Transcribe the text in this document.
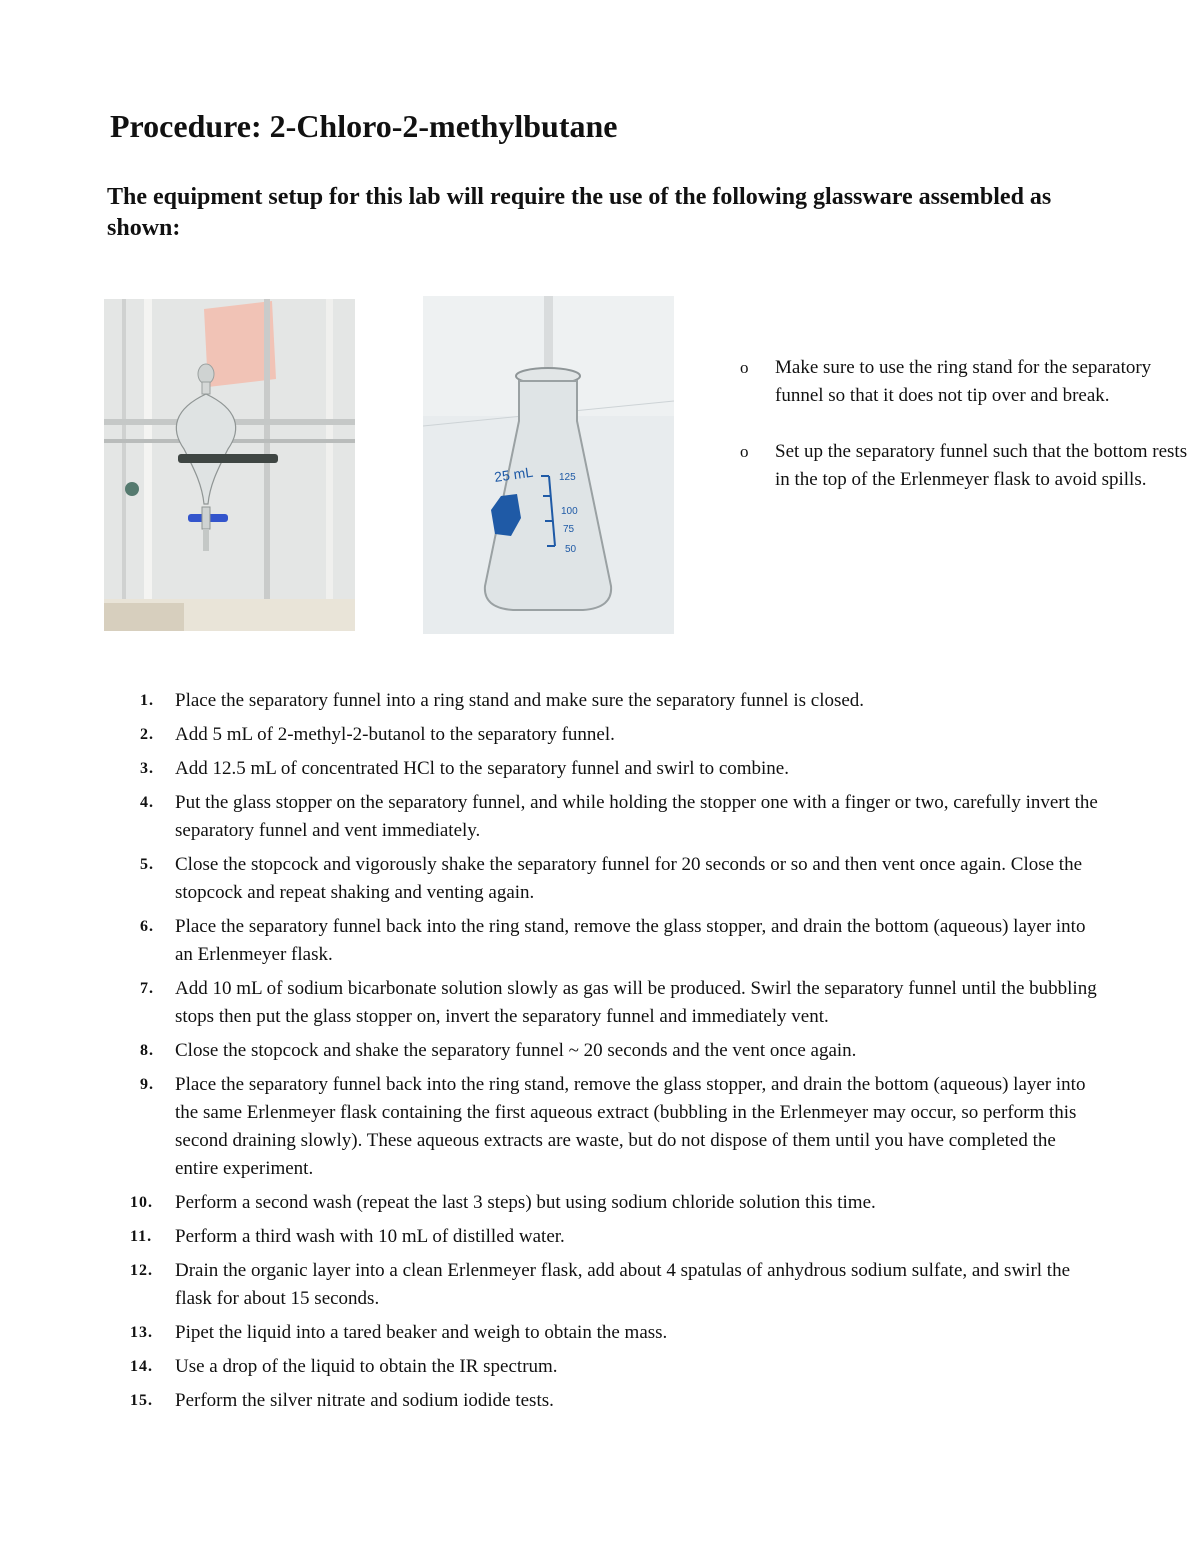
Procedure: 2-Chloro-2-methylbutane

The equipment setup for this lab will require the use of the following glassware assembled as shown:

25 mL	125
100
75
50
o Make sure to use the ring stand for the separatory funnel so that it does not tip over and break.
o Set up the separatory funnel such that the bottom rests in the top of the Erlenmeyer flask to avoid spills.
1. Place the separatory funnel into a ring stand and make sure the separatory funnel is closed.
2. Add 5 mL of 2-methyl-2-butanol to the separatory funnel.
3. Add 12.5 mL of concentrated HCl to the separatory funnel and swirl to combine.
4. Put the glass stopper on the separatory funnel, and while holding the stopper one with a finger or two, carefully invert the separatory funnel and vent immediately.
5. Close the stopcock and vigorously shake the separatory funnel for 20 seconds or so and then vent once again. Close the stopcock and repeat shaking and venting again.
6. Place the separatory funnel back into the ring stand, remove the glass stopper, and drain the bottom (aqueous) layer into an Erlenmeyer flask.
7. Add 10 mL of sodium bicarbonate solution slowly as gas will be produced. Swirl the separatory funnel until the bubbling stops then put the glass stopper on, invert the separatory funnel and immediately vent.
8. Close the stopcock and shake the separatory funnel ~ 20 seconds and the vent once again.
9. Place the separatory funnel back into the ring stand, remove the glass stopper, and drain the bottom (aqueous) layer into the same Erlenmeyer flask containing the first aqueous extract (bubbling in the Erlenmeyer may occur, so perform this second draining slowly). These aqueous extracts are waste, but do not dispose of them until you have completed the entire experiment.
10. Perform a second wash (repeat the last 3 steps) but using sodium chloride solution this time.
11. Perform a third wash with 10 mL of distilled water.
12. Drain the organic layer into a clean Erlenmeyer flask, add about 4 spatulas of anhydrous sodium sulfate, and swirl the flask for about 15 seconds.
13. Pipet the liquid into a tared beaker and weigh to obtain the mass.
14. Use a drop of the liquid to obtain the IR spectrum.
15. Perform the silver nitrate and sodium iodide tests.
